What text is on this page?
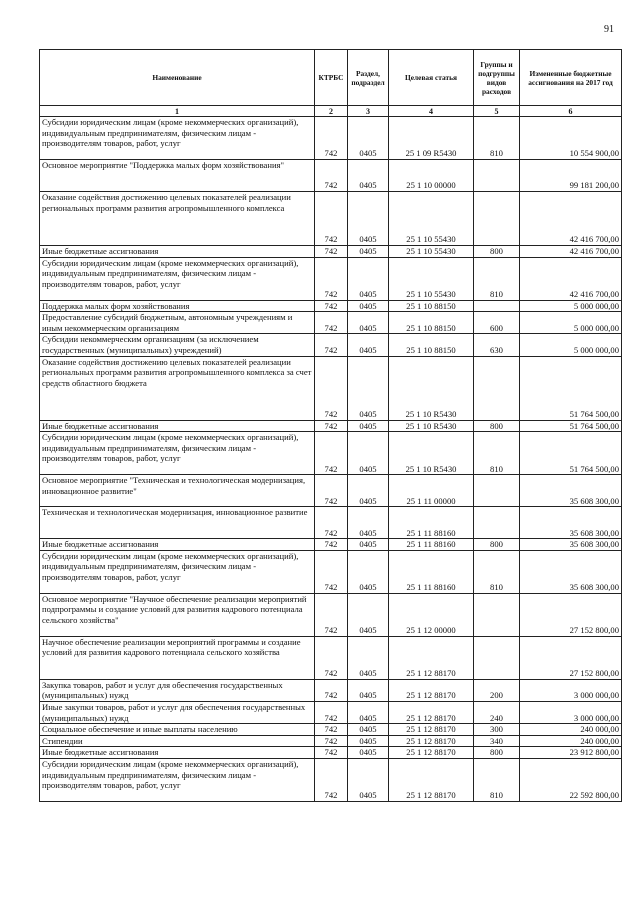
91
Наименование	КТРБС	Раздел, подраздел	Целевая статья	Группы и подгруппы видов расходов	Измененные бюджетные ассигнования на 2017 год
1	2	3	4	5	6
Субсидии юридическим лицам (кроме некоммерческих организаций), индивидуальным предпринимателям, физическим лицам - производителям товаров, работ, услуг	742	0405	25 1 09 R5430	810	10 554 900,00
Основное мероприятие "Поддержка малых форм хозяйствования"	742	0405	25 1 10 00000		99 181 200,00
Оказание содействия достижению целевых показателей реализации региональных программ развития агропромышленного комплекса	742	0405	25 1 10 55430		42 416 700,00
Иные бюджетные ассигнования	742	0405	25 1 10 55430	800	42 416 700,00
Субсидии юридическим лицам (кроме некоммерческих организаций), индивидуальным предпринимателям, физическим лицам - производителям товаров, работ, услуг	742	0405	25 1 10 55430	810	42 416 700,00
Поддержка малых форм хозяйствования	742	0405	25 1 10 88150		5 000 000,00
Предоставление субсидий бюджетным, автономным учреждениям и иным некоммерческим организациям	742	0405	25 1 10 88150	600	5 000 000,00
Субсидии некоммерческим организациям (за исключением государственных (муниципальных) учреждений)	742	0405	25 1 10 88150	630	5 000 000,00
Оказание содействия достижению целевых показателей реализации региональных программ развития агропромышленного комплекса за счет средств областного бюджета	742	0405	25 1 10 R5430		51 764 500,00
Иные бюджетные ассигнования	742	0405	25 1 10 R5430	800	51 764 500,00
Субсидии юридическим лицам (кроме некоммерческих организаций), индивидуальным предпринимателям, физическим лицам - производителям товаров, работ, услуг	742	0405	25 1 10 R5430	810	51 764 500,00
Основное мероприятие "Техническая и технологическая модернизация, инновационное развитие"	742	0405	25 1 11 00000		35 608 300,00
Техническая и технологическая модернизация, инновационное развитие	742	0405	25 1 11 88160		35 608 300,00
Иные бюджетные ассигнования	742	0405	25 1 11 88160	800	35 608 300,00
Субсидии юридическим лицам (кроме некоммерческих организаций), индивидуальным предпринимателям, физическим лицам - производителям товаров, работ, услуг	742	0405	25 1 11 88160	810	35 608 300,00
Основное мероприятие "Научное обеспечение реализации мероприятий подпрограммы и создание условий для развития кадрового потенциала сельского хозяйства"	742	0405	25 1 12 00000		27 152 800,00
Научное обеспечение реализации мероприятий программы и создание условий для развития кадрового потенциала сельского хозяйства	742	0405	25 1 12 88170		27 152 800,00
Закупка товаров, работ и услуг для обеспечения государственных (муниципальных) нужд	742	0405	25 1 12 88170	200	3 000 000,00
Иные закупки товаров, работ и услуг для обеспечения государственных (муниципальных) нужд	742	0405	25 1 12 88170	240	3 000 000,00
Социальное обеспечение и иные выплаты населению	742	0405	25 1 12 88170	300	240 000,00
Стипендии	742	0405	25 1 12 88170	340	240 000,00
Иные бюджетные ассигнования	742	0405	25 1 12 88170	800	23 912 800,00
Субсидии юридическим лицам (кроме некоммерческих организаций), индивидуальным предпринимателям, физическим лицам - производителям товаров, работ, услуг	742	0405	25 1 12 88170	810	22 592 800,00
